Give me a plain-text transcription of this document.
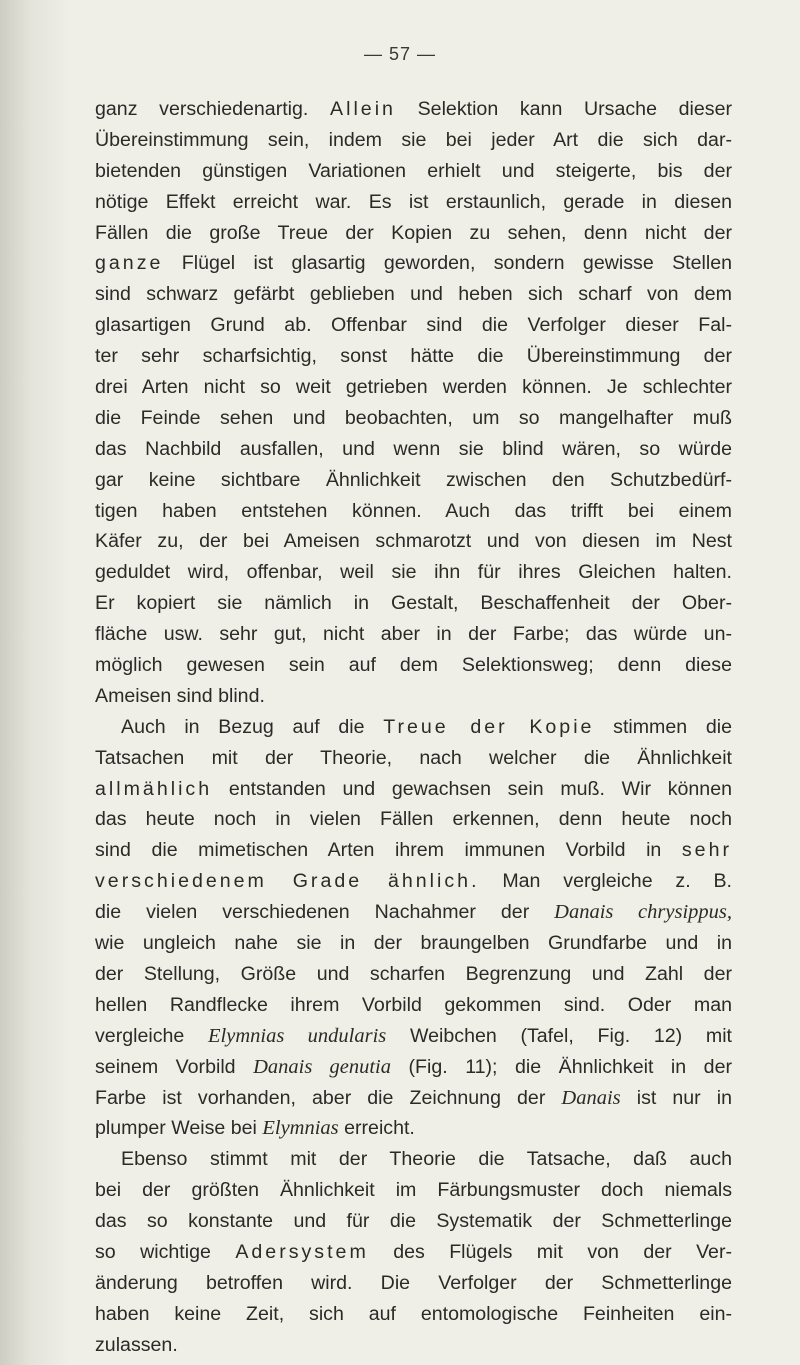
— 57 —
ganz verschiedenartig. Allein Selektion kann Ursache dieser
Übereinstimmung sein, indem sie bei jeder Art die sich dar-
bietenden günstigen Variationen erhielt und steigerte, bis der
nötige Effekt erreicht war. Es ist erstaunlich, gerade in diesen
Fällen die große Treue der Kopien zu sehen, denn nicht der
ganze Flügel ist glasartig geworden, sondern gewisse Stellen
sind schwarz gefärbt geblieben und heben sich scharf von dem
glasartigen Grund ab. Offenbar sind die Verfolger dieser Fal-
ter sehr scharfsichtig, sonst hätte die Übereinstimmung der
drei Arten nicht so weit getrieben werden können. Je schlechter
die Feinde sehen und beobachten, um so mangelhafter muß
das Nachbild ausfallen, und wenn sie blind wären, so würde
gar keine sichtbare Ähnlichkeit zwischen den Schutzbedürf-
tigen haben entstehen können. Auch das trifft bei einem
Käfer zu, der bei Ameisen schmarotzt und von diesen im Nest
geduldet wird, offenbar, weil sie ihn für ihres Gleichen halten.
Er kopiert sie nämlich in Gestalt, Beschaffenheit der Ober-
fläche usw. sehr gut, nicht aber in der Farbe; das würde un-
möglich gewesen sein auf dem Selektionsweg; denn diese
Ameisen sind blind.
Auch in Bezug auf die Treue der Kopie stimmen die
Tatsachen mit der Theorie, nach welcher die Ähnlichkeit
allmählich entstanden und gewachsen sein muß. Wir können
das heute noch in vielen Fällen erkennen, denn heute noch
sind die mimetischen Arten ihrem immunen Vorbild in sehr
verschiedenem Grade ähnlich. Man vergleiche z. B.
die vielen verschiedenen Nachahmer der Danais chrysippus,
wie ungleich nahe sie in der braungelben Grundfarbe und in
der Stellung, Größe und scharfen Begrenzung und Zahl der
hellen Randflecke ihrem Vorbild gekommen sind. Oder man
vergleiche Elymnias undularis Weibchen (Tafel, Fig. 12) mit
seinem Vorbild Danais genutia (Fig. 11); die Ähnlichkeit in der
Farbe ist vorhanden, aber die Zeichnung der Danais ist nur in
plumper Weise bei Elymnias erreicht.
Ebenso stimmt mit der Theorie die Tatsache, daß auch
bei der größten Ähnlichkeit im Färbungsmuster doch niemals
das so konstante und für die Systematik der Schmetterlinge
so wichtige Adersystem des Flügels mit von der Ver-
änderung betroffen wird. Die Verfolger der Schmetterlinge
haben keine Zeit, sich auf entomologische Feinheiten ein-
zulassen.
